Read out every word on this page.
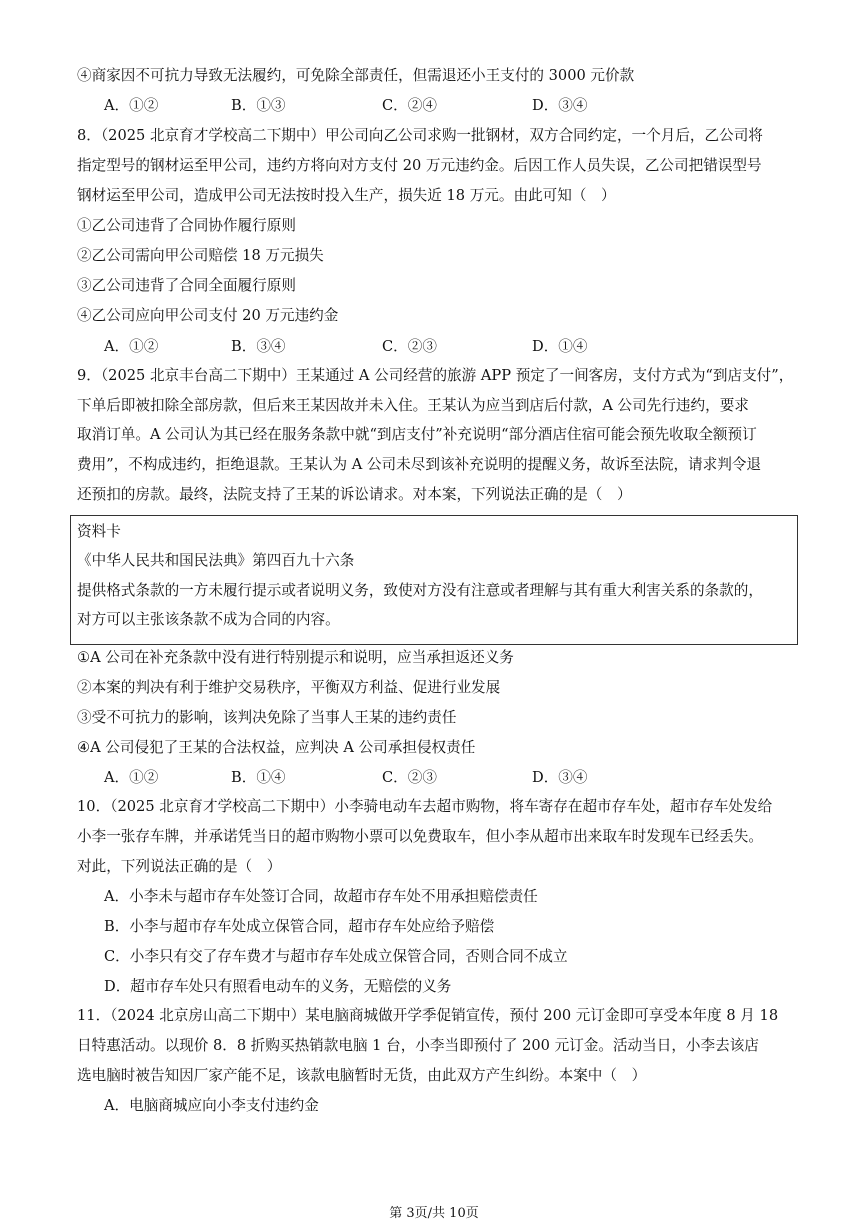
④商家因不可抗力导致无法履约，可免除全部责任，但需退还小王支付的 3000 元价款
A．①②	B．①③	C．②④	D．③④
8．（2025 北京育才学校高二下期中）甲公司向乙公司求购一批钢材，双方合同约定，一个月后，乙公司将
指定型号的钢材运至甲公司，违约方将向对方支付 20 万元违约金。后因工作人员失误，乙公司把错误型号
钢材运至甲公司，造成甲公司无法按时投入生产，损失近 18 万元。由此可知（　）
①乙公司违背了合同协作履行原则
②乙公司需向甲公司赔偿 18 万元损失
③乙公司违背了合同全面履行原则
④乙公司应向甲公司支付 20 万元违约金
A．①②	B．③④	C．②③	D．①④
9．（2025 北京丰台高二下期中）王某通过 A 公司经营的旅游 APP 预定了一间客房，支付方式为“到店支付”，
下单后即被扣除全部房款，但后来王某因故并未入住。王某认为应当到店后付款，A 公司先行违约，要求
取消订单。A 公司认为其已经在服务条款中就“到店支付”补充说明“部分酒店住宿可能会预先收取全额预订
费用”，不构成违约，拒绝退款。王某认为 A 公司未尽到该补充说明的提醒义务，故诉至法院，请求判令退
还预扣的房款。最终，法院支持了王某的诉讼请求。对本案，下列说法正确的是（　）
资料卡
《中华人民共和国民法典》第四百九十六条
提供格式条款的一方未履行提示或者说明义务，致使对方没有注意或者理解与其有重大利害关系的条款的，
对方可以主张该条款不成为合同的内容。
①A 公司在补充条款中没有进行特别提示和说明，应当承担返还义务
②本案的判决有利于维护交易秩序，平衡双方利益、促进行业发展
③受不可抗力的影响，该判决免除了当事人王某的违约责任
④A 公司侵犯了王某的合法权益，应判决 A 公司承担侵权责任
A．①②	B．①④	C．②③	D．③④
10．（2025 北京育才学校高二下期中）小李骑电动车去超市购物，将车寄存在超市存车处，超市存车处发给
小李一张存车牌，并承诺凭当日的超市购物小票可以免费取车，但小李从超市出来取车时发现车已经丢失。
对此，下列说法正确的是（　）
A．小李未与超市存车处签订合同，故超市存车处不用承担赔偿责任
B．小李与超市存车处成立保管合同，超市存车处应给予赔偿
C．小李只有交了存车费才与超市存车处成立保管合同，否则合同不成立
D．超市存车处只有照看电动车的义务，无赔偿的义务
11．（2024 北京房山高二下期中）某电脑商城做开学季促销宣传，预付 200 元订金即可享受本年度 8 月 18
日特惠活动。以现价 8．8 折购买热销款电脑 1 台，小李当即预付了 200 元订金。活动当日，小李去该店
选电脑时被告知因厂家产能不足，该款电脑暂时无货，由此双方产生纠纷。本案中（　）
A．电脑商城应向小李支付违约金
第 3页/共 10页
